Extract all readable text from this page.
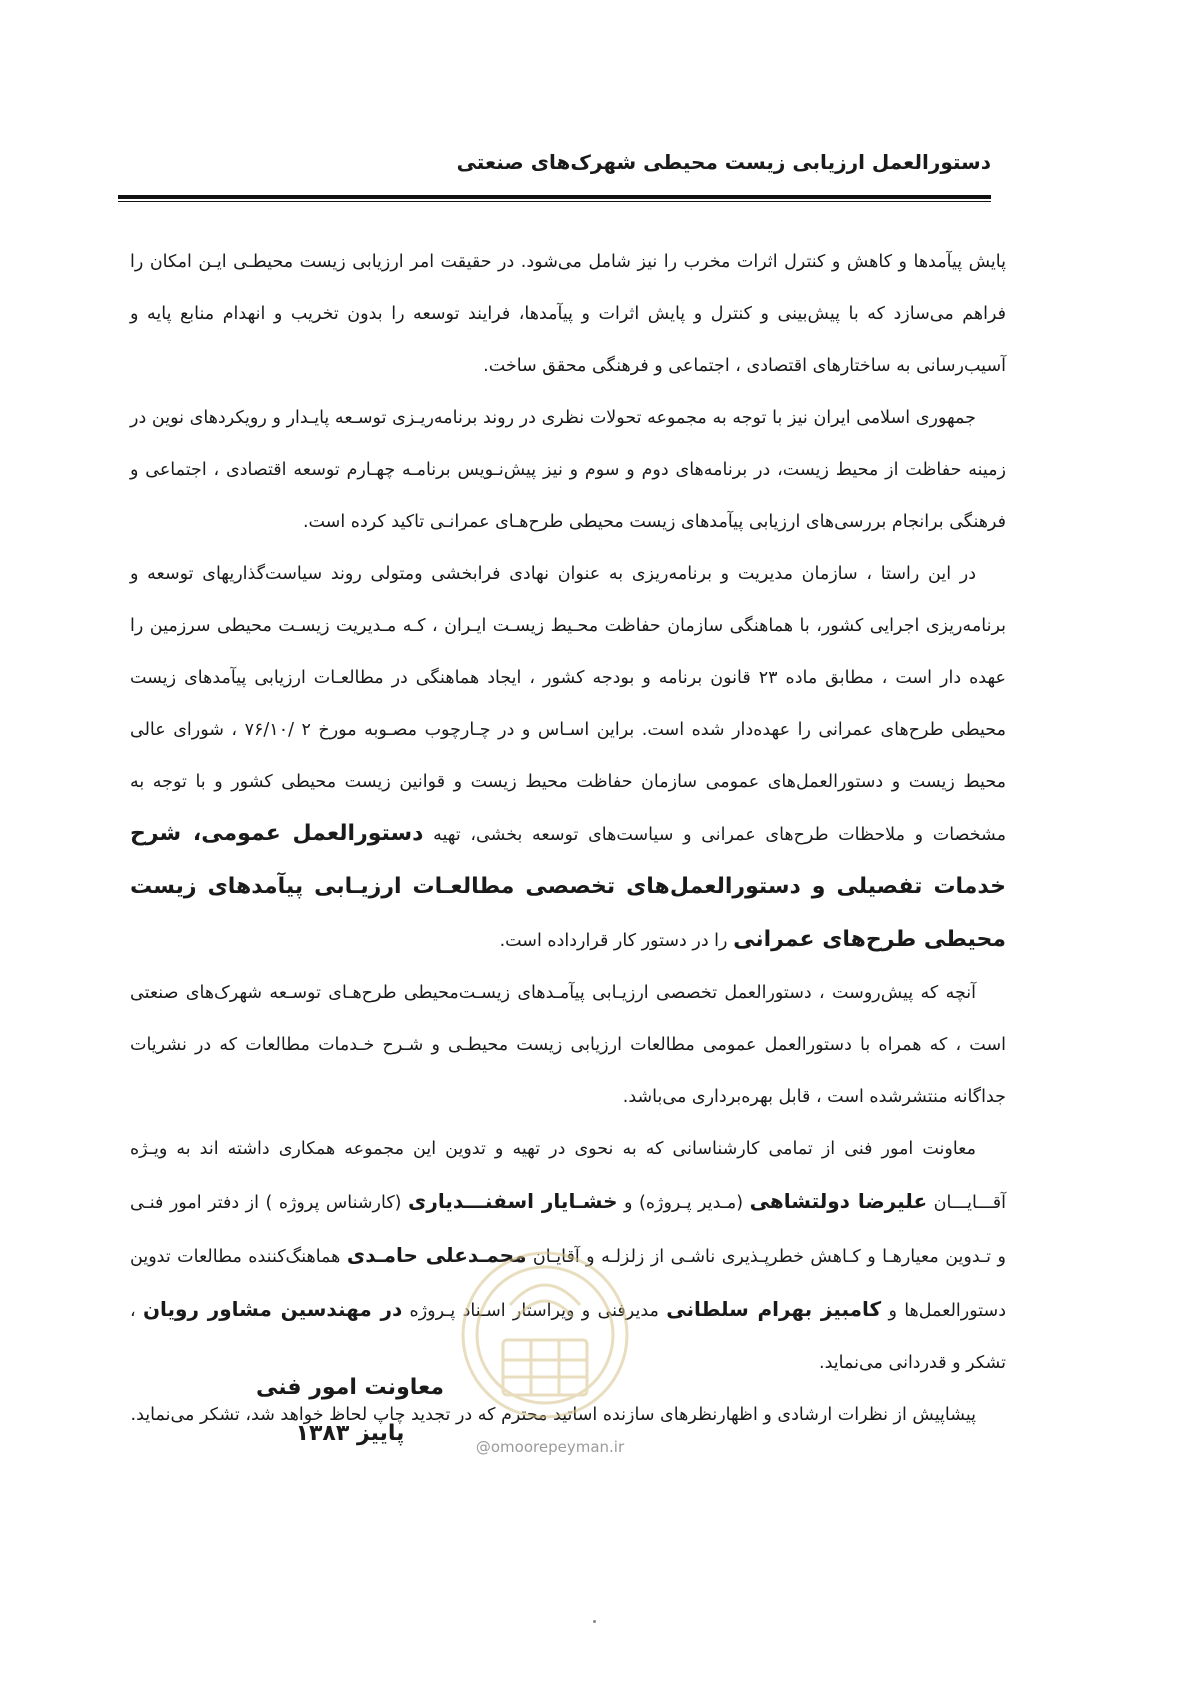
دستورالعمل ارزیابی زیست محیطی شهرک‌های صنعتی

پایش پیآمدها و کاهش و کنترل اثرات مخرب را نیز شامل می‌شود. در حقیقت امر ارزیابی زیست محیطـی ایـن امکان را فراهم می‌سازد که با پیش‌بینی و کنترل و پایش اثرات و پیآمدها، فرایند توسعه را بدون تخریب و انهدام منابع پایه و آسیب‌رسانی به ساختارهای اقتصادی ، اجتماعی و فرهنگی محقق ساخت.

جمهوری اسلامی ایران نیز با توجه به مجموعه تحولات نظری در روند برنامه‌ریـزی توسـعه پایـدار و رویکردهای نوین در زمینه حفاظت از محیط زیست، در برنامه‌های دوم و سوم و نیز پیش‌نـویس برنامـه چهـارم توسعه اقتصادی ، اجتماعی و فرهنگی برانجام بررسی‌های ارزیابی پیآمدهای زیست محیطی طرح‌هـای عمرانـی تاکید کرده است.

در این راستا ، سازمان مدیریت و برنامه‌ریزی به عنوان نهادی فرابخشی ومتولی روند سیاست‌گذاریهای توسعه و برنامه‌ریزی اجرایی کشور، با هماهنگی سازمان حفاظت محـیط زیسـت ایـران ، کـه مـدیریت زیسـت محیطی سرزمین را عهده دار است ، مطابق ماده ۲۳ قانون برنامه و بودجه کشور ، ایجاد هماهنگی در مطالعـات ارزیابی پیآمدهای زیست محیطی طرح‌های عمرانی را عهده‌دار شده است. براین اسـاس و در چـارچوب مصـوبه مورخ ۲ /۷۶/۱۰ ، شورای عالی محیط زیست و دستورالعمل‌های عمومی سازمان حفاظت محیط زیست و قوانین زیست محیطی کشور و با توجه به مشخصات و ملاحظات طرح‌های عمرانی و سیاست‌های توسعه بخشی، تهیه دستورالعمل عمومی، شرح خدمات تفصیلی و دستورالعمل‌های تخصصی مطالعـات ارزیـابی پیآمدهای زیست محیطی طرح‌های عمرانی را در دستور کار قرارداده است.

آنچه که پیش‌روست ، دستورالعمل تخصصی ارزیـابی پیآمـدهای زیسـت‌محیطی طرح‌هـای توسـعه شهرک‌های صنعتی است ، که همراه با دستورالعمل عمومی مطالعات ارزیابی زیست محیطـی و شـرح خـدمات مطالعات که در نشریات جداگانه منتشرشده است ، قابل بهره‌برداری می‌باشد.

معاونت امور فنی از تمامی کارشناسانی که به نحوی در تهیه و تدوین این مجموعه همکاری داشته اند به ویـژه آقـــایـــان علیرضا دولتشاهی (مـدیر پـروژه) و خشـایار اسفنـــدیاری (کارشناس پروژه ) از دفتر امور فنـی و تـدوین معیارهـا و کـاهش خطرپـذیری ناشـی از زلزلـه و آقایـان محمـدعلی حامـدی هماهنگ‌کننده مطالعات تدوین دستورالعمل‌ها و کامبیز بهرام سلطانی مدیرفنی و ویراستار اسـناد پـروژه در مهندسین مشاور رویان ، تشکر و قدردانی می‌نماید.

پیشاپیش از نظرات ارشادی و اظهارنظرهای سازنده اساتید محترم که در تجدید چاپ لحاظ خواهد شد، تشکر می‌نماید.

@omoorepeyman.ir
معاونت امور فنی
پاییز ۱۳۸۳
